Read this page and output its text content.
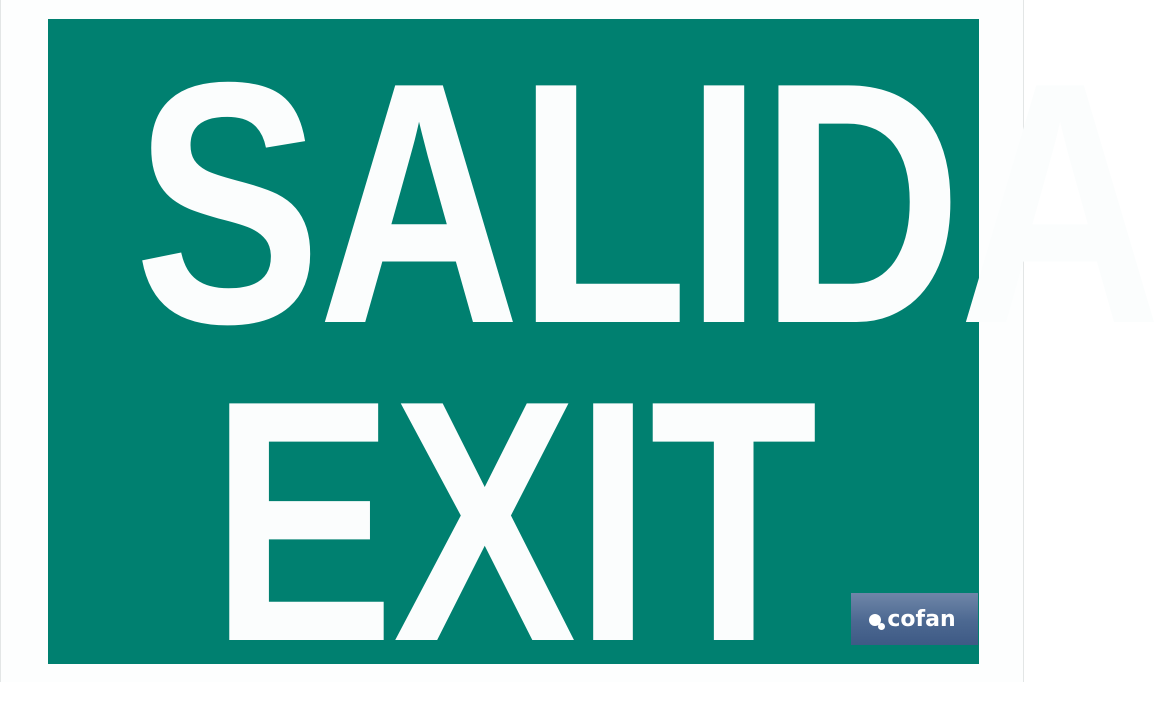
SALIDA
EXIT	cofan
